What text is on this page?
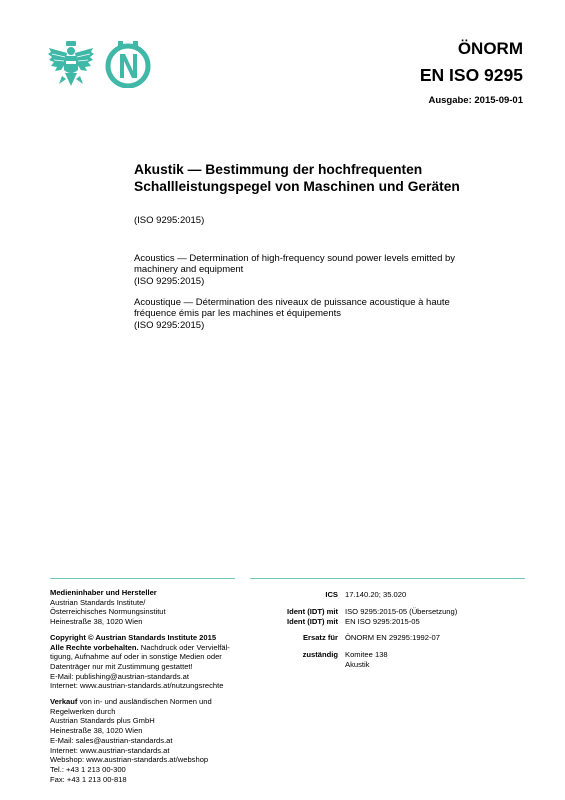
ÖNORM
EN ISO 9295
Ausgabe: 2015-09-01
Akustik — Bestimmung der hochfrequenten
Schallleistungspegel von Maschinen und Geräten
(ISO 9295:2015)
Acoustics — Determination of high-frequency sound power levels emitted by
machinery and equipment
(ISO 9295:2015)
Acoustique — Détermination des niveaux de puissance acoustique à haute
fréquence émis par les machines et équipements
(ISO 9295:2015)
Medieninhaber und Hersteller
Austrian Standards Institute/
Österreichisches Normungsinstitut
Heinestraße 38, 1020 Wien
Copyright © Austrian Standards Institute 2015
Alle Rechte vorbehalten. Nachdruck oder Vervielfäl-
tigung, Aufnahme auf oder in sonstige Medien oder
Datenträger nur mit Zustimmung gestattet!
E-Mail: publishing@austrian-standards.at
Internet: www.austrian-standards.at/nutzungsrechte
Verkauf von in- und ausländischen Normen und
Regelwerken durch
Austrian Standards plus GmbH
Heinestraße 38, 1020 Wien
E-Mail: sales@austrian-standards.at
Internet: www.austrian-standards.at
Webshop: www.austrian-standards.at/webshop
Tel.: +43 1 213 00-300
Fax: +43 1 213 00-818
ICS 17.140.20; 35.020
Ident (IDT) mit ISO 9295:2015-05 (Übersetzung)
Ident (IDT) mit EN ISO 9295:2015-05
Ersatz für ÖNORM EN 29295:1992-07
zuständig Komitee 138
Akustik
